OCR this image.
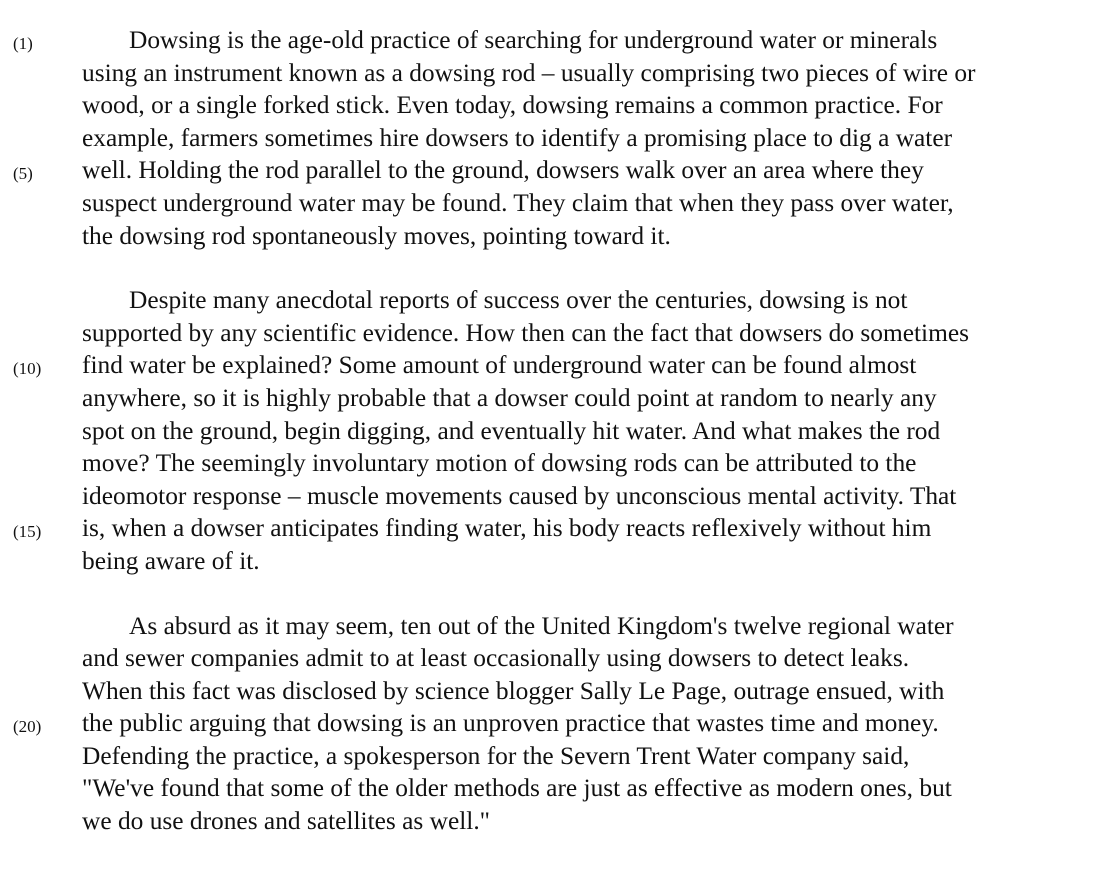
(1)	Dowsing is the age-old practice of searching for underground water or minerals
using an instrument known as a dowsing rod – usually comprising two pieces of wire or
wood, or a single forked stick. Even today, dowsing remains a common practice. For
example, farmers sometimes hire dowsers to identify a promising place to dig a water
(5) well. Holding the rod parallel to the ground, dowsers walk over an area where they
suspect underground water may be found. They claim that when they pass over water,
the dowsing rod spontaneously moves, pointing toward it.
Despite many anecdotal reports of success over the centuries, dowsing is not
supported by any scientific evidence. How then can the fact that dowsers do sometimes
(10) find water be explained? Some amount of underground water can be found almost
anywhere, so it is highly probable that a dowser could point at random to nearly any
spot on the ground, begin digging, and eventually hit water. And what makes the rod
move? The seemingly involuntary motion of dowsing rods can be attributed to the
ideomotor response – muscle movements caused by unconscious mental activity. That
(15) is, when a dowser anticipates finding water, his body reacts reflexively without him
being aware of it.
As absurd as it may seem, ten out of the United Kingdom's twelve regional water
and sewer companies admit to at least occasionally using dowsers to detect leaks.
When this fact was disclosed by science blogger Sally Le Page, outrage ensued, with
(20) the public arguing that dowsing is an unproven practice that wastes time and money.
Defending the practice, a spokesperson for the Severn Trent Water company said,
"We've found that some of the older methods are just as effective as modern ones, but
we do use drones and satellites as well."
